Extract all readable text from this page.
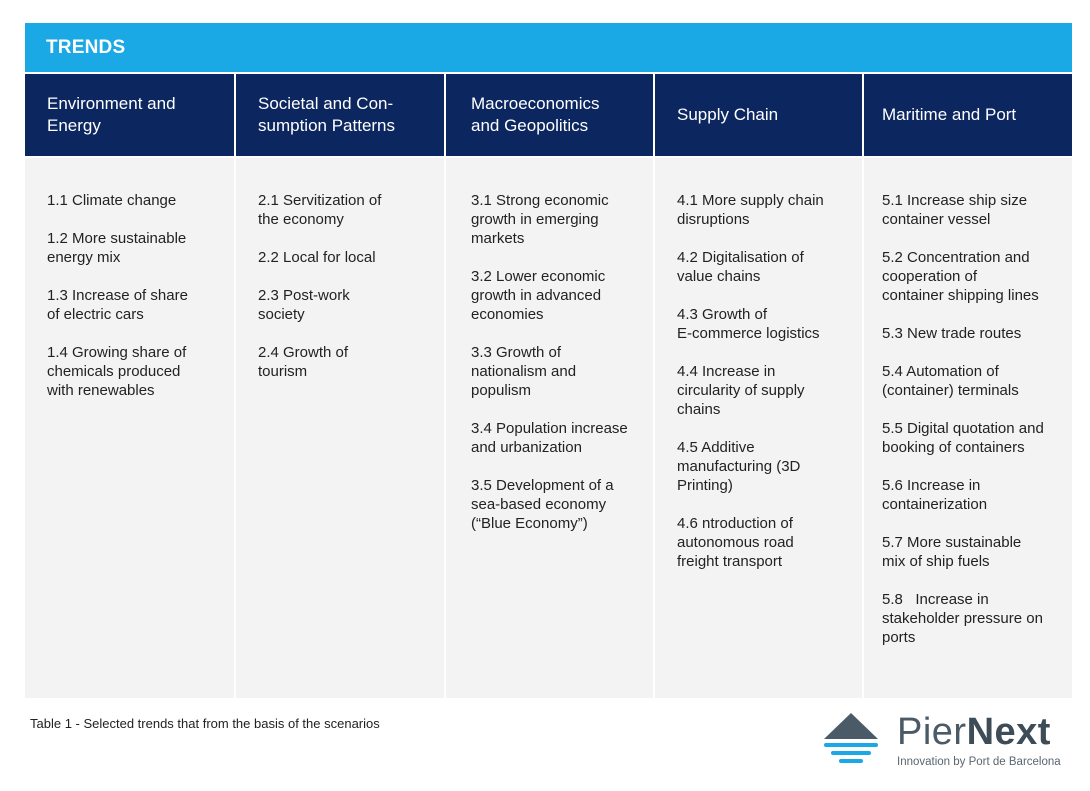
TRENDS
Environment and
Energy
1.1 Climate change
1.2 More sustainable
energy mix
1.3 Increase of share
of electric cars
1.4 Growing share of
chemicals produced
with renewables
Societal and Con-
sumption Patterns
2.1 Servitization of
the economy
2.2 Local for local
2.3 Post-work
society
2.4 Growth of
tourism
Macroeconomics
and Geopolitics
3.1 Strong economic
growth in emerging
markets
3.2 Lower economic
growth in advanced
economies
3.3 Growth of
nationalism and
populism
3.4 Population increase
and urbanization
3.5 Development of a
sea-based economy
(“Blue Economy”)
Supply Chain
4.1 More supply chain
disruptions
4.2 Digitalisation of
value chains
4.3 Growth of
E-commerce logistics
4.4 Increase in
circularity of supply
chains
4.5 Additive
manufacturing (3D
Printing)
4.6 ntroduction of
autonomous road
freight transport
Maritime and Port
5.1 Increase ship size
container vessel
5.2 Concentration and
cooperation of
container shipping lines
5.3 New trade routes
5.4 Automation of
(container) terminals
5.5 Digital quotation and
booking of containers
5.6 Increase in
containerization
5.7 More sustainable
mix of ship fuels
5.8   Increase in
stakeholder pressure on
ports
Table 1 - Selected trends that from the basis of the scenarios	PierNext
Innovation by Port de Barcelona
